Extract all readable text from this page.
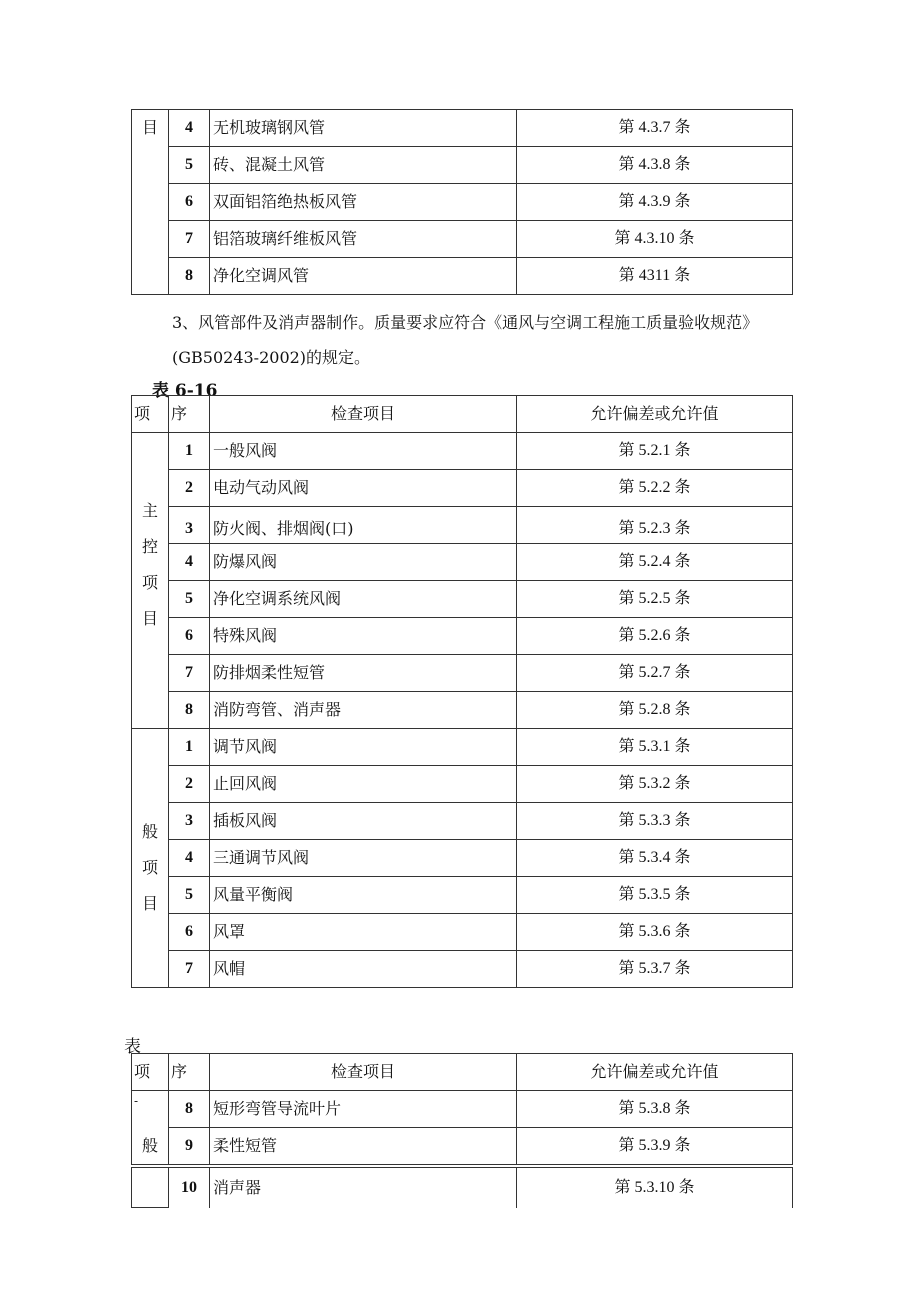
目	4	无机玻璃钢风管	第 4.3.7 条
	5	砖、混凝土风管	第 4.3.8 条
	6	双面铝箔绝热板风管	第 4.3.9 条
	7	铝箔玻璃纤维板风管	第 4.3.10 条
	8	净化空调风管	第 4311 条
3、风管部件及消声器制作。质量要求应符合《通风与空调工程施工质量验收规范》
(GB50243-2002)的规定。
表 6-16
项	序	检查项目	允许偏差或允许值
主控项目	1	一般风阀	第 5.2.1 条
	2	电动气动风阀	第 5.2.2 条
	3	防火阀、排烟阀(口)	第 5.2.3 条
	4	防爆风阀	第 5.2.4 条
	5	净化空调系统风阀	第 5.2.5 条
	6	特殊风阀	第 5.2.6 条
	7	防排烟柔性短管	第 5.2.7 条
	8	消防弯管、消声器	第 5.2.8 条
般项目	1	调节风阀	第 5.3.1 条
	2	止回风阀	第 5.3.2 条
	3	插板风阀	第 5.3.3 条
	4	三通调节风阀	第 5.3.4 条
	5	风量平衡阀	第 5.3.5 条
	6	风罩	第 5.3.6 条
	7	风帽	第 5.3.7 条
表
项	序	检查项目	允许偏差或允许值
-	8	短形弯管导流叶片	第 5.3.8 条
般	9	柔性短管	第 5.3.9 条
	10	消声器	第 5.3.10 条
